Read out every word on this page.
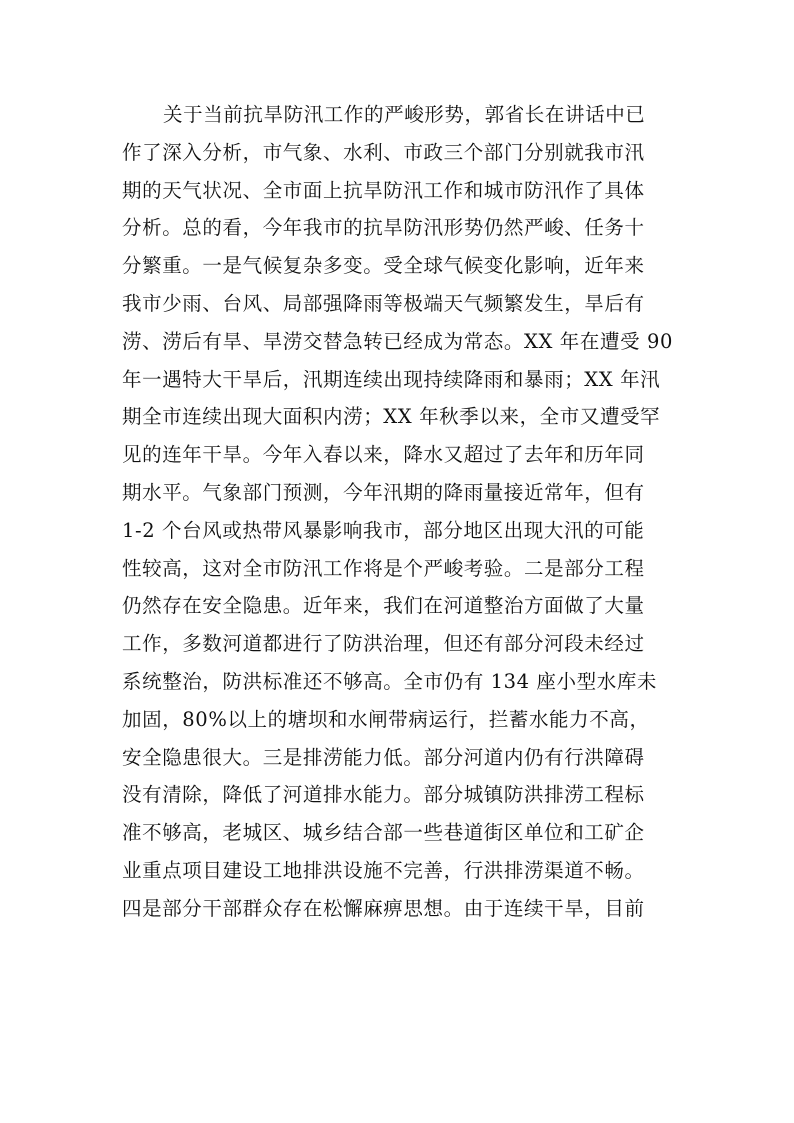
关于当前抗旱防汛工作的严峻形势，郭省长在讲话中已
作了深入分析，市气象、水利、市政三个部门分别就我市汛
期的天气状况、全市面上抗旱防汛工作和城市防汛作了具体
分析。总的看，今年我市的抗旱防汛形势仍然严峻、任务十
分繁重。一是气候复杂多变。受全球气候变化影响，近年来
我市少雨、台风、局部强降雨等极端天气频繁发生，旱后有
涝、涝后有旱、旱涝交替急转已经成为常态。XX 年在遭受 90
年一遇特大干旱后，汛期连续出现持续降雨和暴雨；XX 年汛
期全市连续出现大面积内涝；XX 年秋季以来，全市又遭受罕
见的连年干旱。今年入春以来，降水又超过了去年和历年同
期水平。气象部门预测，今年汛期的降雨量接近常年，但有
1-2 个台风或热带风暴影响我市，部分地区出现大汛的可能
性较高，这对全市防汛工作将是个严峻考验。二是部分工程
仍然存在安全隐患。近年来，我们在河道整治方面做了大量
工作，多数河道都进行了防洪治理，但还有部分河段未经过
系统整治，防洪标准还不够高。全市仍有 134 座小型水库未
加固，80%以上的塘坝和水闸带病运行，拦蓄水能力不高，
安全隐患很大。三是排涝能力低。部分河道内仍有行洪障碍
没有清除，降低了河道排水能力。部分城镇防洪排涝工程标
准不够高，老城区、城乡结合部一些巷道街区单位和工矿企
业重点项目建设工地排洪设施不完善，行洪排涝渠道不畅。
四是部分干部群众存在松懈麻痹思想。由于连续干旱，目前
